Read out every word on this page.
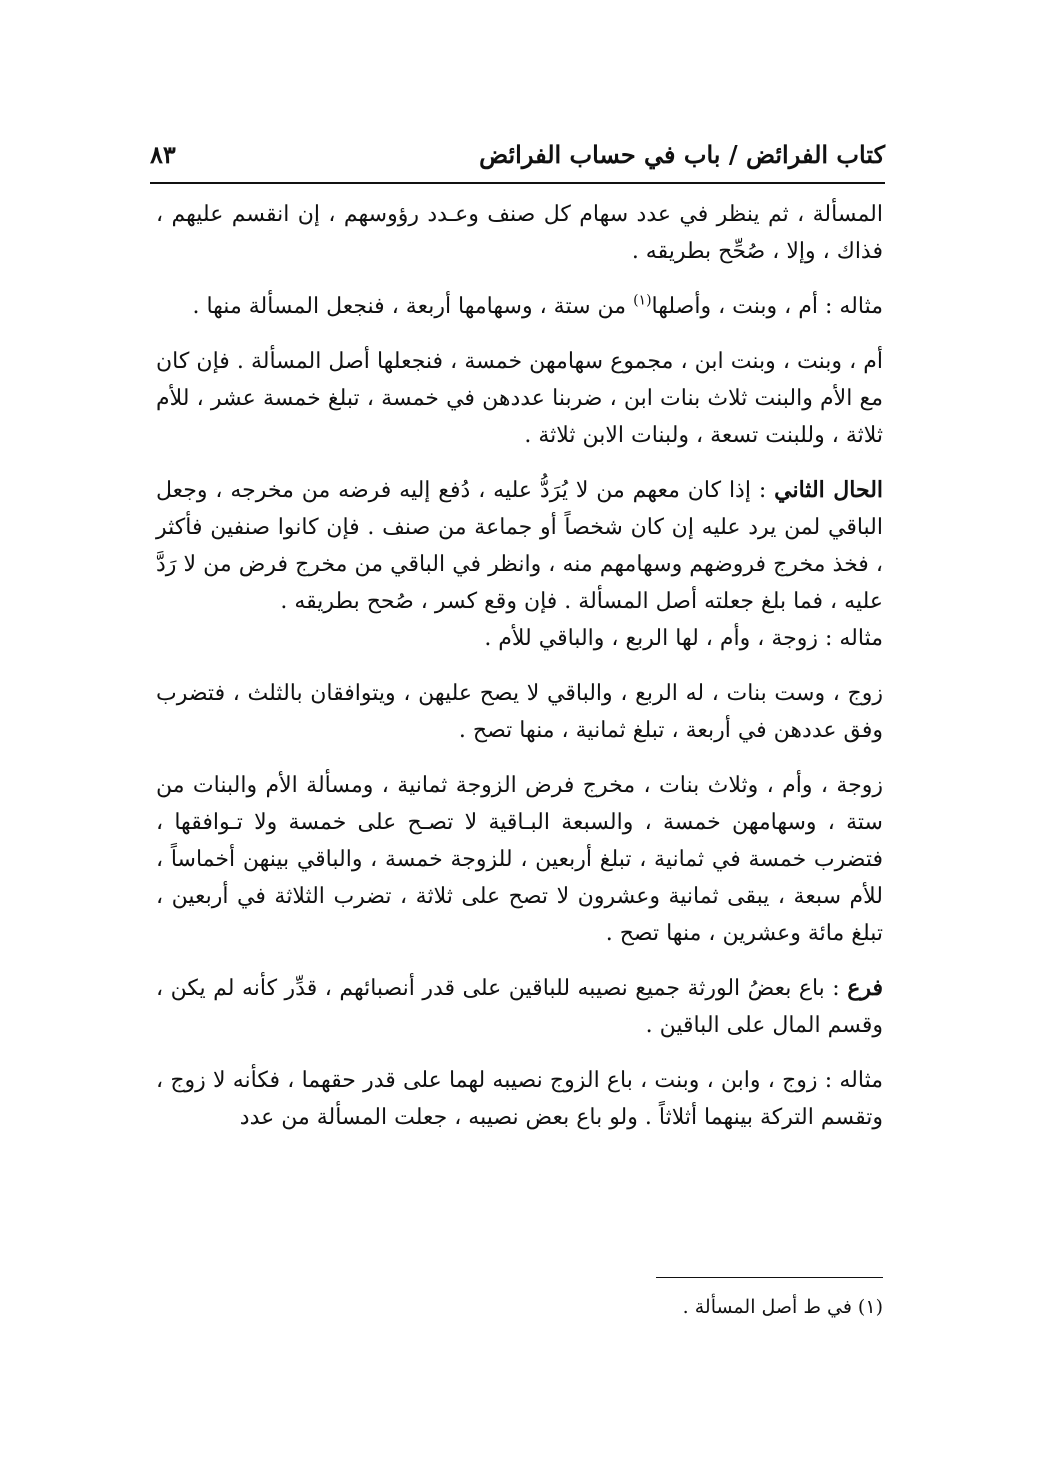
كتاب الفرائض / باب في حساب الفرائض
٨٣

المسألة ، ثم ينظر في عدد سهام كل صنف وعـدد رؤوسهم ، إن انقسم عليهم ، فذاك ، وإلا ، صُحِّح بطريقه .

مثاله : أم ، وبنت ، وأصلها$^{(١)}$ من ستة ، وسهامها أربعة ، فنجعل المسألة منها .

أم ، وبنت ، وبنت ابن ، مجموع سهامهن خمسة ، فنجعلها أصل المسألة . فإن كان مع الأم والبنت ثلاث بنات ابن ، ضربنا عددهن في خمسة ، تبلغ خمسة عشر ، للأم ثلاثة ، وللبنت تسعة ، ولبنات الابن ثلاثة .

الحال الثاني : إذا كان معهم من لا يُرَدُّ عليه ، دُفع إليه فرضه من مخرجه ، وجعل الباقي لمن يرد عليه إن كان شخصاً أو جماعة من صنف . فإن كانوا صنفين فأكثر ، فخذ مخرج فروضهم وسهامهم منه ، وانظر في الباقي من مخرج فرض من لا رَدَّ عليه ، فما بلغ جعلته أصل المسألة . فإن وقع كسر ، صُحح بطريقه .

مثاله : زوجة ، وأم ، لها الربع ، والباقي للأم .

زوج ، وست بنات ، له الربع ، والباقي لا يصح عليهن ، ويتوافقان بالثلث ، فتضرب وفق عددهن في أربعة ، تبلغ ثمانية ، منها تصح .

زوجة ، وأم ، وثلاث بنات ، مخرج فرض الزوجة ثمانية ، ومسألة الأم والبنات من ستة ، وسهامهن خمسة ، والسبعة البـاقية لا تصـح على خمسة ولا تـوافقها ، فتضرب خمسة في ثمانية ، تبلغ أربعين ، للزوجة خمسة ، والباقي بينهن أخماساً ، للأم سبعة ، يبقى ثمانية وعشرون لا تصح على ثلاثة ، تضرب الثلاثة في أربعين ، تبلغ مائة وعشرين ، منها تصح .

فرع : باع بعضُ الورثة جميع نصيبه للباقين على قدر أنصبائهم ، قدِّر كأنه لم يكن ، وقسم المال على الباقين .

مثاله : زوج ، وابن ، وبنت ، باع الزوج نصيبه لهما على قدر حقهما ، فكأنه لا زوج ، وتقسم التركة بينهما أثلاثاً . ولو باع بعض نصيبه ، جعلت المسألة من عدد

(١) في ط أصل المسألة .
